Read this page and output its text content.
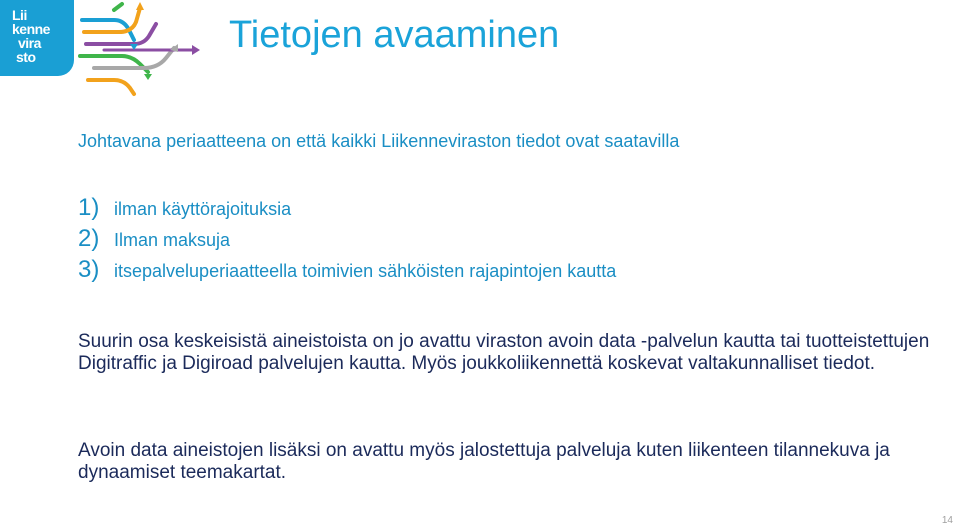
Lii
kenne
vira
sto
Tietojen avaaminen
Johtavana periaatteena on että kaikki Liikenneviraston tiedot ovat saatavilla
1) ilman käyttörajoituksia
2) Ilman maksuja
3) itsepalveluperiaatteella toimivien sähköisten rajapintojen kautta
Suurin osa keskeisistä aineistoista on jo avattu viraston avoin data -palvelun kautta tai tuotteistettujen Digitraffic ja Digiroad palvelujen kautta. Myös joukkoliikennettä koskevat valtakunnalliset tiedot.
Avoin data aineistojen lisäksi on avattu myös jalostettuja palveluja kuten liikenteen tilannekuva ja dynaamiset teemakartat.
14
